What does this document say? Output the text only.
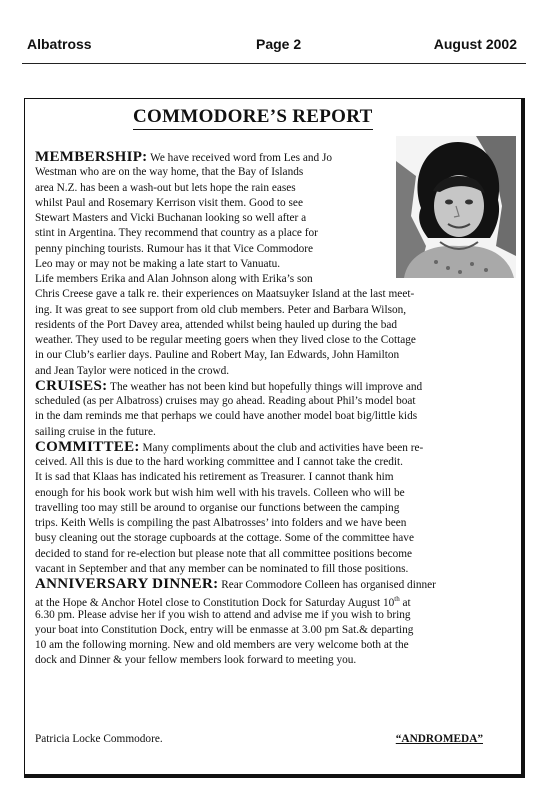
Albatross	Page 2	August 2002
COMMODORE’S REPORT
MEMBERSHIP: We have received word from Les and Jo
Westman who are on the way home, that the Bay of Islands
area N.Z. has been a wash-out but lets hope the rain eases
whilst Paul and Rosemary Kerrison visit them. Good to see
Stewart Masters and Vicki Buchanan looking so well after a
stint in Argentina. They recommend that country as a place for
penny pinching tourists. Rumour has it that Vice Commodore
Leo may or may not be making a late start to Vanuatu.
Life members Erika and Alan Johnson along with Erika’s son
Chris Creese gave a talk re. their experiences on Maatsuyker Island at the last meet-
ing. It was great to see support from old club members. Peter and Barbara Wilson,
residents of the Port Davey area, attended whilst being hauled up during the bad
weather. They used to be regular meeting goers when they lived close to the Cottage
in our Club’s earlier days. Pauline and Robert May, Ian Edwards, John Hamilton
and Jean Taylor were noticed in the crowd.
CRUISES: The weather has not been kind but hopefully things will improve and
scheduled (as per Albatross) cruises may go ahead. Reading about Phil’s model boat
in the dam reminds me that perhaps we could have another model boat big/little kids
sailing cruise in the future.
COMMITTEE: Many compliments about the club and activities have been re-
ceived. All this is due to the hard working committee and I cannot take the credit.
It is sad that Klaas has indicated his retirement as Treasurer. I cannot thank him
enough for his book work but wish him well with his travels. Colleen who will be
travelling too may still be around to organise our functions between the camping
trips. Keith Wells is compiling the past Albatrosses’ into folders and we have been
busy cleaning out the storage cupboards at the cottage. Some of the committee have
decided to stand for re-election but please note that all committee positions become
vacant in September and that any member can be nominated to fill those positions.
ANNIVERSARY DINNER: Rear Commodore Colleen has organised dinner
at the Hope & Anchor Hotel close to Constitution Dock for Saturday August 10th at
6.30 pm. Please advise her if you wish to attend and advise me if you wish to bring
your boat into Constitution Dock, entry will be enmasse at 3.00 pm Sat.& departing
10 am the following morning. New and old members are very welcome both at the
dock and Dinner & your fellow members look forward to meeting you.
Patricia Locke Commodore.	“ANDROMEDA”
